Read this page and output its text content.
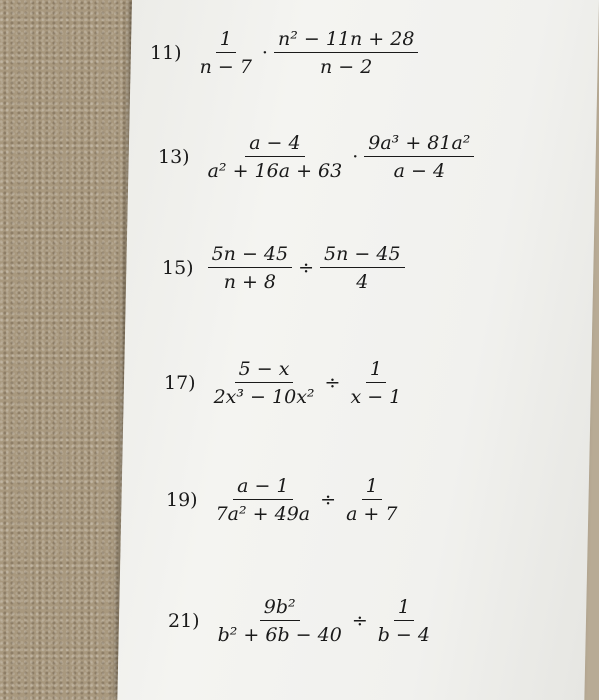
$11) \frac{1}{n - 7} \cdot \frac{\text{n² − 11n + 28}}{n - 2}$
$13) \frac{a - 4}{\text{a² + 16a + 63}} \cdot \frac{\text{9a³ + 81a²}}{a - 4}$
$15) \frac{5n - 45}{n + 8} \div \frac{5n - 45}{4}$
$17) \frac{5 - x}{\text{2x³ − 10x²}} \div \frac{1}{x - 1}$
$19) \frac{a - 1}{\text{7a² + 49a}} \div \frac{1}{a + 7}$
$21) \frac{\text{9b²}}{\text{b² + 6b − 40}} \div \frac{1}{b - 4}$
